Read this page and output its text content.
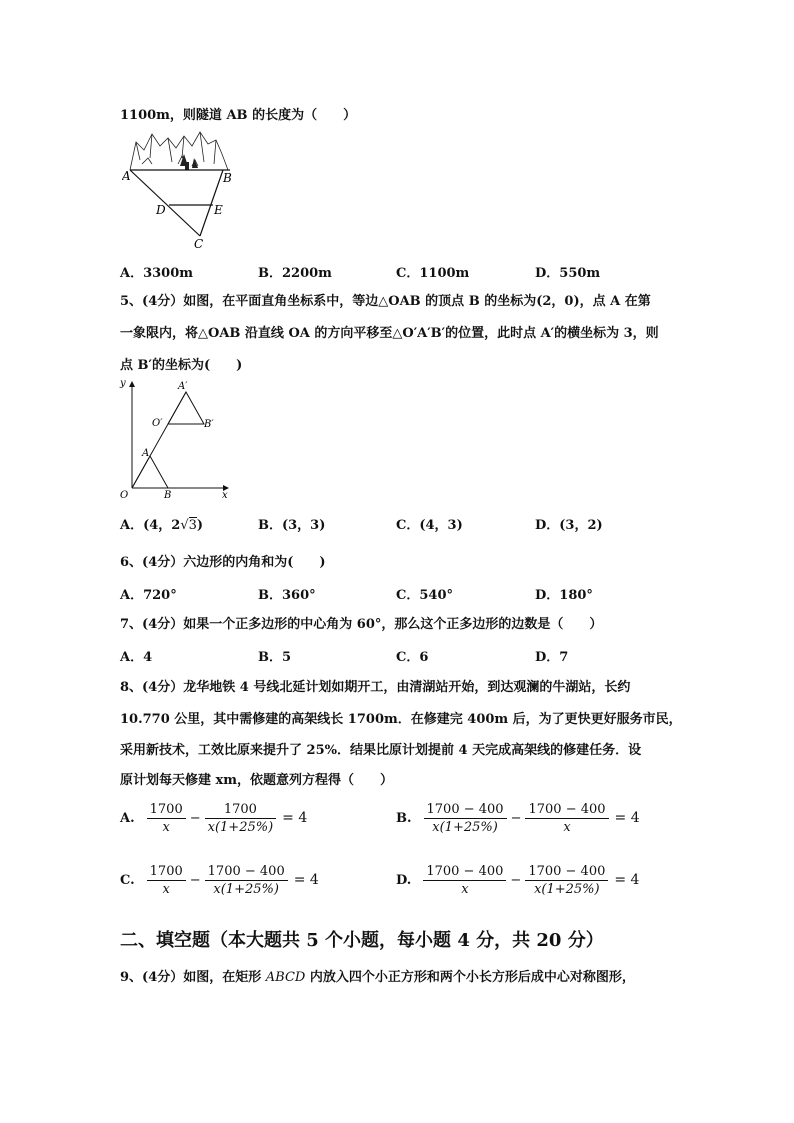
1100m，则隧道 AB 的长度为（　　）
A	B
D	E
C
A．3300m	B．2200m	C．1100m	D．550m
5、(4分）如图，在平面直角坐标系中，等边△OAB 的顶点 B 的坐标为(2，0)，点 A 在第
一象限内，将△OAB 沿直线 OA 的方向平移至△O′A′B′的位置，此时点 A′的横坐标为 3，则
点 B′的坐标为(　　)
y
x
O
A
B
O′
A′
B′
A．(4，2√3)	B．(3，3)	C．(4，3)	D．(3，2)
6、(4分）六边形的内角和为(　　)
A．720°	B．360°	C．540°	D．180°
7、(4分）如果一个正多边形的中心角为 60°，那么这个正多边形的边数是（　　）
A．4	B．5	C．6	D．7
8、(4分）龙华地铁 4 号线北延计划如期开工，由清湖站开始，到达观澜的牛湖站，长约
10.770 公里，其中需修建的高架线长 1700m．在修建完 400m 后，为了更快更好服务市民，
采用新技术，工效比原来提升了 25%．结果比原计划提前 4 天完成高架线的修建任务．设
原计划每天修建 xm，依题意列方程得（　　）
A. $\frac{1700}{x} - \frac{1700}{x(1+25\%)} = 4$	B. $\frac{1700 - 400}{x(1+25\%)} - \frac{1700 - 400}{x} = 4$
C. $\frac{1700}{x} - \frac{1700 - 400}{x(1+25\%)} = 4$	D. $\frac{1700 - 400}{x} - \frac{1700 - 400}{x(1+25\%)} = 4$
二、填空题（本大题共 5 个小题，每小题 4 分，共 20 分）
9、(4分）如图，在矩形 ABCD 内放入四个小正方形和两个小长方形后成中心对称图形，
